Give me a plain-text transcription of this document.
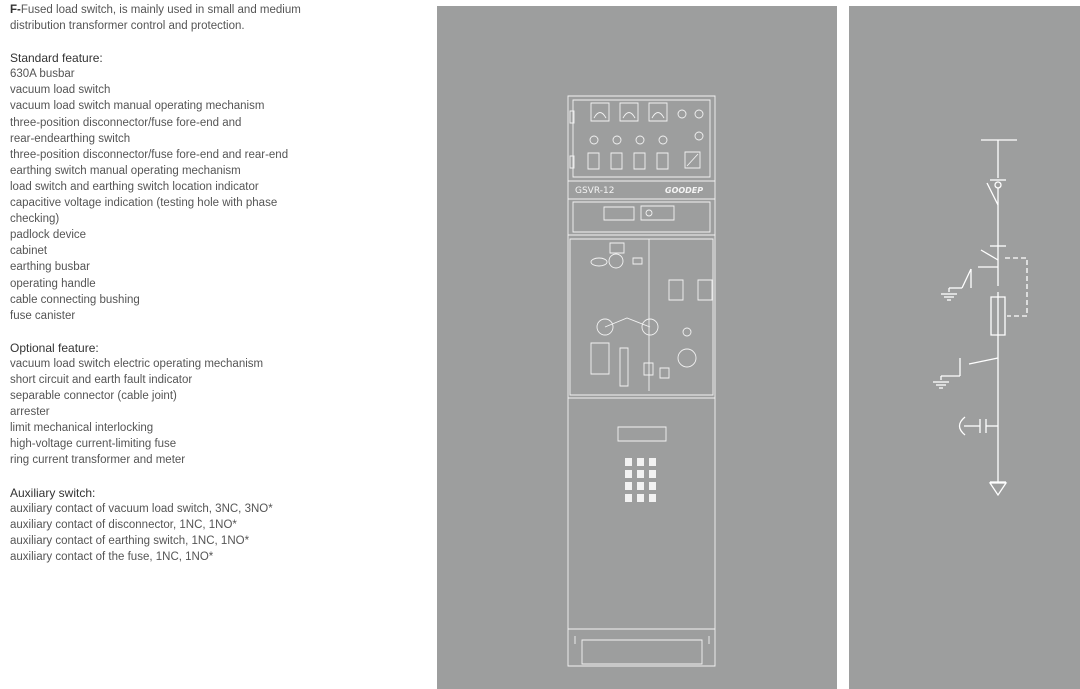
F-Fused load switch, is mainly used in small and medium

distribution transformer control and protection.

Standard feature:

630A busbar

vacuum load switch

vacuum load switch manual operating mechanism

three-position disconnector/fuse fore-end and

rear-endearthing switch

three-position disconnector/fuse fore-end and rear-end

earthing switch manual operating mechanism

load switch and earthing switch location indicator

capacitive voltage indication (testing hole with phase

checking)

padlock device

cabinet

earthing busbar

operating handle

cable connecting bushing

fuse canister

Optional feature:

vacuum load switch electric operating mechanism

short circuit and earth fault indicator

separable connector (cable joint)

arrester

limit mechanical interlocking

high-voltage current-limiting fuse

ring current transformer and meter

Auxiliary switch:

auxiliary contact of vacuum load switch, 3NC, 3NO*

auxiliary contact of disconnector, 1NC, 1NO*

auxiliary contact of earthing switch, 1NC, 1NO*

auxiliary contact of the fuse, 1NC, 1NO*

GSVR-12	GOODEP
